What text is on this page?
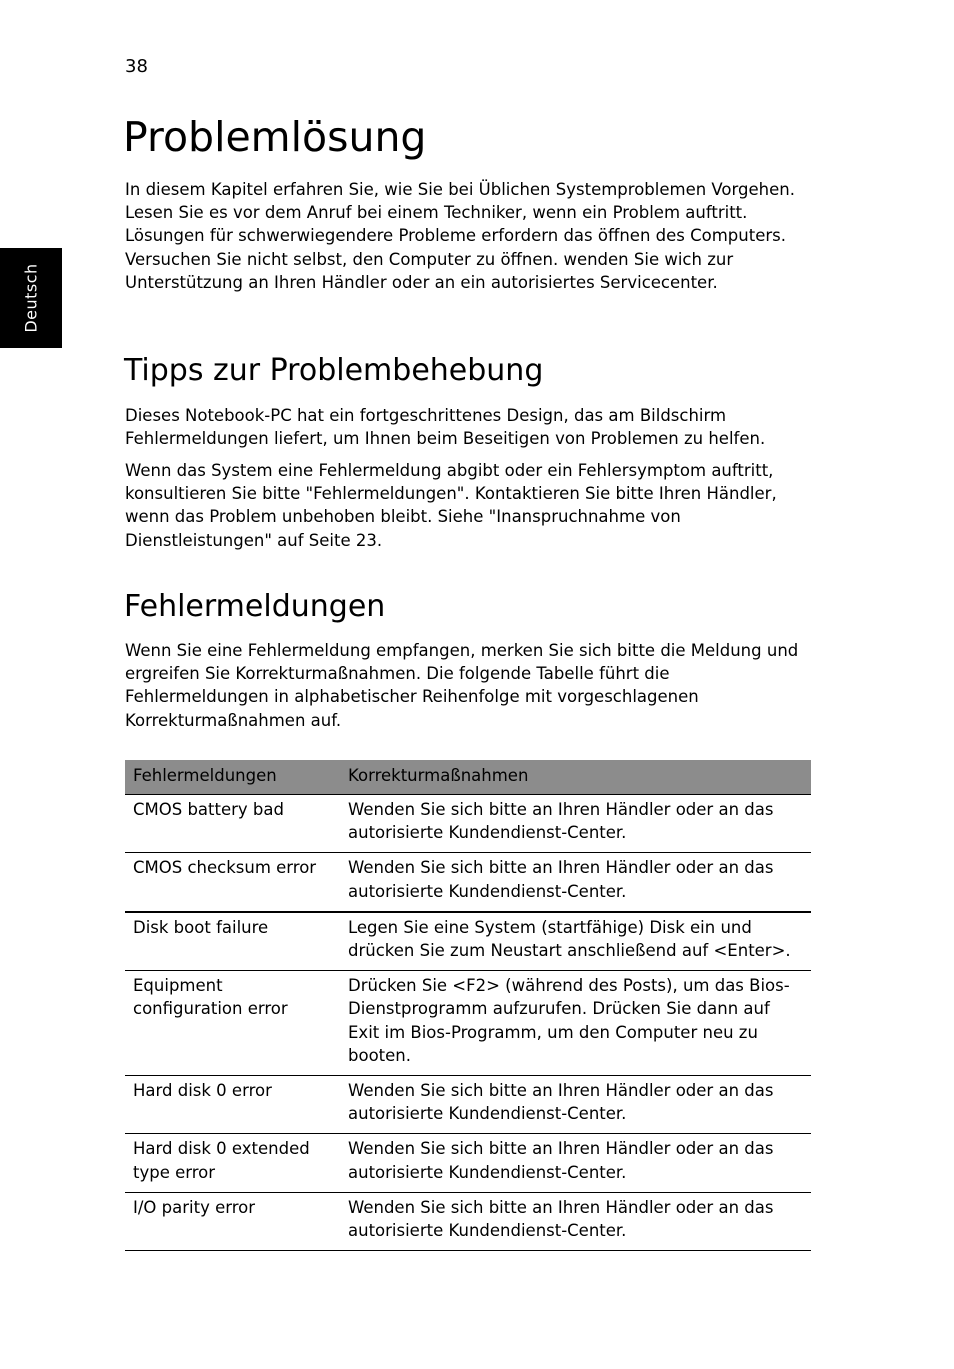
38
Deutsch
Problemlösung

In diesem Kapitel erfahren Sie, wie Sie bei Üblichen Systemproblemen Vorgehen. Lesen Sie es vor dem Anruf bei einem Techniker, wenn ein Problem auftritt. Lösungen für schwerwiegendere Probleme erfordern das öffnen des Computers. Versuchen Sie nicht selbst, den Computer zu öffnen. wenden Sie wich zur Unterstützung an Ihren Händler oder an ein autorisiertes Servicecenter.

Tipps zur Problembehebung

Dieses Notebook-PC hat ein fortgeschrittenes Design, das am Bildschirm Fehlermeldungen liefert, um Ihnen beim Beseitigen von Problemen zu helfen.

Wenn das System eine Fehlermeldung abgibt oder ein Fehlersymptom auftritt, konsultieren Sie bitte "Fehlermeldungen". Kontaktieren Sie bitte Ihren Händler, wenn das Problem unbehoben bleibt. Siehe "Inanspruchnahme von Dienstleistungen" auf Seite 23.

Fehlermeldungen

Wenn Sie eine Fehlermeldung empfangen, merken Sie sich bitte die Meldung und ergreifen Sie Korrekturmaßnahmen. Die folgende Tabelle führt die Fehlermeldungen in alphabetischer Reihenfolge mit vorgeschlagenen Korrekturmaßnahmen auf.

Fehlermeldungen	Korrekturmaßnahmen
CMOS battery bad	Wenden Sie sich bitte an Ihren Händler oder an das autorisierte Kundendienst-Center.
CMOS checksum error	Wenden Sie sich bitte an Ihren Händler oder an das autorisierte Kundendienst-Center.
Disk boot failure	Legen Sie eine System (startfähige) Disk ein und drücken Sie zum Neustart anschließend auf <Enter>.
Equipment configuration error	Drücken Sie <F2> (während des Posts), um das Bios-Dienstprogramm aufzurufen. Drücken Sie dann auf Exit im Bios-Programm, um den Computer neu zu booten.
Hard disk 0 error	Wenden Sie sich bitte an Ihren Händler oder an das autorisierte Kundendienst-Center.
Hard disk 0 extended type error	Wenden Sie sich bitte an Ihren Händler oder an das autorisierte Kundendienst-Center.
I/O parity error	Wenden Sie sich bitte an Ihren Händler oder an das autorisierte Kundendienst-Center.
